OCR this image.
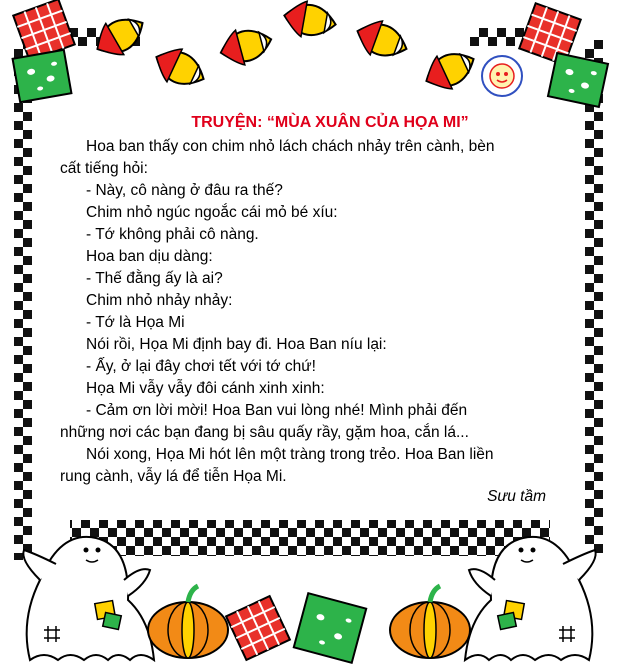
TRUYỆN: “MÙA XUÂN CỦA HỌA MI”
Hoa ban thấy con chim nhỏ lách chách nhảy trên cành, bèn
cất tiếng hỏi:
- Này, cô nàng ở đâu ra thế?
Chim nhỏ ngúc ngoắc cái mỏ bé xíu:
- Tớ không phải cô nàng.
Hoa ban dịu dàng:
- Thế đằng ấy là ai?
Chim nhỏ nhảy nhảy:
- Tớ là Họa Mi
Nói rồi, Họa Mi định bay đi. Hoa Ban níu lại:
- Ấy, ở lại đây chơi tết với tớ chứ!
Họa Mi vẫy vẫy đôi cánh xinh xinh:
- Cảm ơn lời mời! Hoa Ban vui lòng nhé! Mình phải đến
những nơi các bạn đang bị sâu quấy rầy, gặm hoa, cắn lá...
Nói xong, Họa Mi hót lên một tràng trong trẻo. Hoa Ban liền
rung cành, vẫy lá để tiễn Họa Mi.
Sưu tầm
